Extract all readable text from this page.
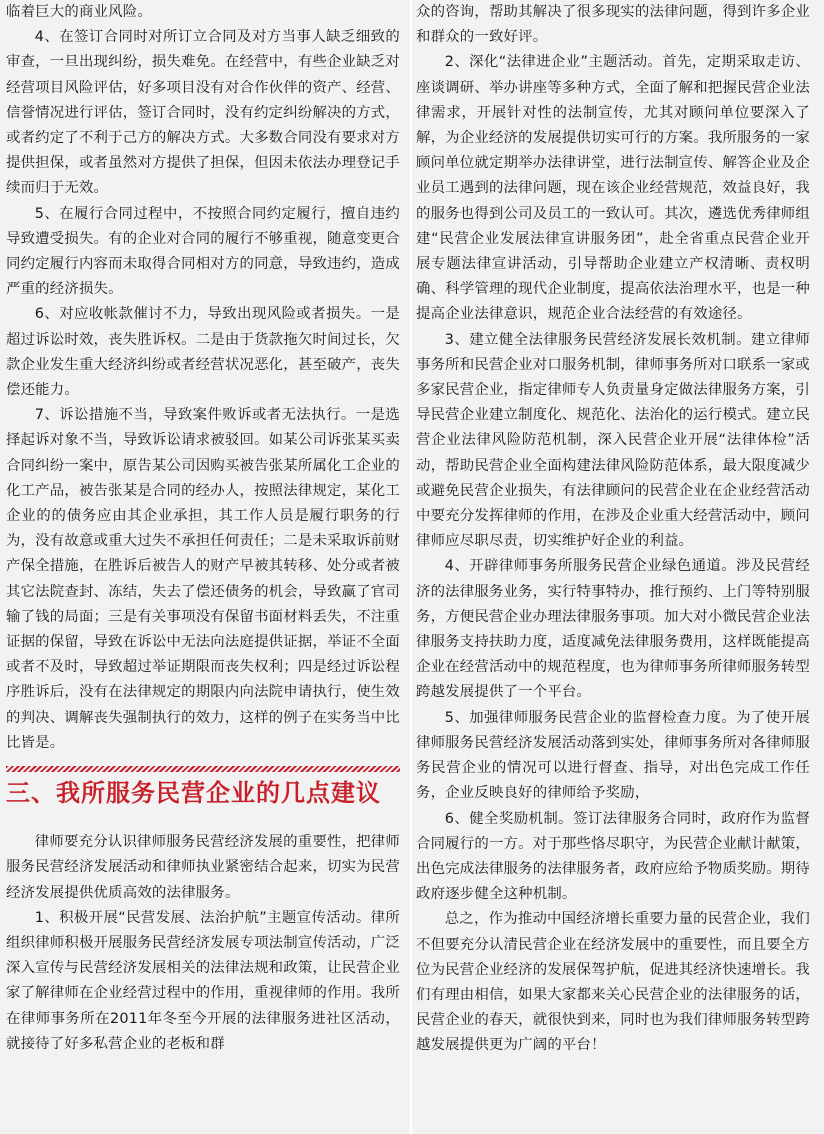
临着巨大的商业风险。

4、在签订合同时对所订立合同及对方当事人缺乏细致的审查，一旦出现纠纷，损失难免。在经营中，有些企业缺乏对经营项目风险评估，好多项目没有对合作伙伴的资产、经营、信誉情况进行评估，签订合同时，没有约定纠纷解决的方式，或者约定了不利于己方的解决方式。大多数合同没有要求对方提供担保，或者虽然对方提供了担保，但因未依法办理登记手续而归于无效。

5、在履行合同过程中，不按照合同约定履行，擅自违约导致遭受损失。有的企业对合同的履行不够重视，随意变更合同约定履行内容而未取得合同相对方的同意，导致违约，造成严重的经济损失。

6、对应收帐款催讨不力，导致出现风险或者损失。一是超过诉讼时效，丧失胜诉权。二是由于货款拖欠时间过长，欠款企业发生重大经济纠纷或者经营状况恶化，甚至破产，丧失偿还能力。

7、诉讼措施不当，导致案件败诉或者无法执行。一是选择起诉对象不当，导致诉讼请求被驳回。如某公司诉张某买卖合同纠纷一案中，原告某公司因购买被告张某所属化工企业的化工产品，被告张某是合同的经办人，按照法律规定，某化工企业的的债务应由其企业承担，其工作人员是履行职务的行为，没有故意或重大过失不承担任何责任；二是未采取诉前财产保全措施，在胜诉后被告人的财产早被其转移、处分或者被其它法院查封、冻结，失去了偿还债务的机会，导致赢了官司输了钱的局面；三是有关事项没有保留书面材料丢失，不注重证据的保留，导致在诉讼中无法向法庭提供证据，举证不全面或者不及时，导致超过举证期限而丧失权利；四是经过诉讼程序胜诉后，没有在法律规定的期限内向法院申请执行，使生效的判决、调解丧失强制执行的效力，这样的例子在实务当中比比皆是。

三、我所服务民营企业的几点建议

律师要充分认识律师服务民营经济发展的重要性，把律师服务民营经济发展活动和律师执业紧密结合起来，切实为民营经济发展提供优质高效的法律服务。

1、积极开展“民营发展、法治护航”主题宣传活动。律所组织律师积极开展服务民营经济发展专项法制宣传活动，广泛深入宣传与民营经济发展相关的法律法规和政策，让民营企业家了解律师在企业经营过程中的作用，重视律师的作用。我所在律师事务所在2011年冬至今开展的法律服务进社区活动，就接待了好多私营企业的老板和群

众的咨询，帮助其解决了很多现实的法律问题，得到许多企业和群众的一致好评。

2、深化“法律进企业”主题活动。首先，定期采取走访、座谈调研、举办讲座等多种方式，全面了解和把握民营企业法律需求，开展针对性的法制宣传，尤其对顾问单位要深入了解，为企业经济的发展提供切实可行的方案。我所服务的一家顾问单位就定期举办法律讲堂，进行法制宣传、解答企业及企业员工遇到的法律问题，现在该企业经营规范，效益良好，我的服务也得到公司及员工的一致认可。其次，遴选优秀律师组建“民营企业发展法律宣讲服务团”，赴全省重点民营企业开展专题法律宣讲活动，引导帮助企业建立产权清晰、责权明确、科学管理的现代企业制度，提高依法治理水平，也是一种提高企业法律意识，规范企业合法经营的有效途径。

3、建立健全法律服务民营经济发展长效机制。建立律师事务所和民营企业对口服务机制，律师事务所对口联系一家或多家民营企业，指定律师专人负责量身定做法律服务方案，引导民营企业建立制度化、规范化、法治化的运行模式。建立民营企业法律风险防范机制，深入民营企业开展“法律体检”活动，帮助民营企业全面构建法律风险防范体系，最大限度减少或避免民营企业损失，有法律顾问的民营企业在企业经营活动中要充分发挥律师的作用，在涉及企业重大经营活动中，顾问律师应尽职尽责，切实维护好企业的利益。

4、开辟律师事务所服务民营企业绿色通道。涉及民营经济的法律服务业务，实行特事特办，推行预约、上门等特别服务，方便民营企业办理法律服务事项。加大对小微民营企业法律服务支持扶助力度，适度减免法律服务费用，这样既能提高企业在经营活动中的规范程度，也为律师事务所律师服务转型跨越发展提供了一个平台。

5、加强律师服务民营企业的监督检查力度。为了使开展律师服务民营经济发展活动落到实处，律师事务所对各律师服务民营企业的情况可以进行督查、指导，对出色完成工作任务，企业反映良好的律师给予奖励，

6、健全奖励机制。签订法律服务合同时，政府作为监督合同履行的一方。对于那些恪尽职守，为民营企业献计献策，出色完成法律服务的法律服务者，政府应给予物质奖励。期待政府逐步健全这种机制。

总之，作为推动中国经济增长重要力量的民营企业，我们不但要充分认清民营企业在经济发展中的重要性，而且要全方位为民营企业经济的发展保驾护航，促进其经济快速增长。我们有理由相信，如果大家都来关心民营企业的法律服务的话，民营企业的春天，就很快到来，同时也为我们律师服务转型跨越发展提供更为广阔的平台！
